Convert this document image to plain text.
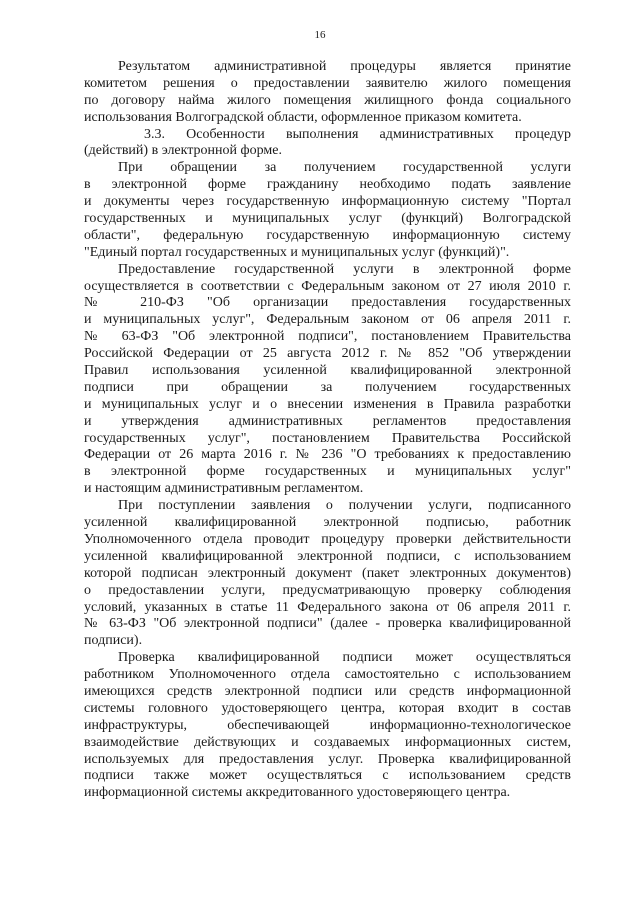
16
Результатом административной процедуры является принятие
комитетом решения о предоставлении заявителю жилого помещения
по договору найма жилого помещения жилищного фонда социального
использования Волгоградской области, оформленное приказом комитета.
3.3. Особенности выполнения административных процедур
(действий) в электронной форме.
При обращении за получением государственной услуги
в электронной форме гражданину необходимо подать заявление
и документы через государственную информационную систему "Портал
государственных и муниципальных услуг (функций) Волгоградской
области", федеральную государственную информационную систему
"Единый портал государственных и муниципальных услуг (функций)".
Предоставление государственной услуги в электронной форме
осуществляется в соответствии с Федеральным законом от 27 июля 2010 г.
№ 210-ФЗ "Об организации предоставления государственных
и муниципальных услуг", Федеральным законом от 06 апреля 2011 г.
№ 63-ФЗ "Об электронной подписи", постановлением Правительства
Российской Федерации от 25 августа 2012 г. № 852 "Об утверждении
Правил использования усиленной квалифицированной электронной
подписи при обращении за получением государственных
и муниципальных услуг и о внесении изменения в Правила разработки
и утверждения административных регламентов предоставления
государственных услуг", постановлением Правительства Российской
Федерации от 26 марта 2016 г. № 236 "О требованиях к предоставлению
в электронной форме государственных и муниципальных услуг"
и настоящим административным регламентом.
При поступлении заявления о получении услуги, подписанного
усиленной квалифицированной электронной подписью, работник
Уполномоченного отдела проводит процедуру проверки действительности
усиленной квалифицированной электронной подписи, с использованием
которой подписан электронный документ (пакет электронных документов)
о предоставлении услуги, предусматривающую проверку соблюдения
условий, указанных в статье 11 Федерального закона от 06 апреля 2011 г.
№ 63-ФЗ "Об электронной подписи" (далее - проверка квалифицированной
подписи).
Проверка квалифицированной подписи может осуществляться
работником Уполномоченного отдела самостоятельно с использованием
имеющихся средств электронной подписи или средств информационной
системы головного удостоверяющего центра, которая входит в состав
инфраструктуры, обеспечивающей информационно-технологическое
взаимодействие действующих и создаваемых информационных систем,
используемых для предоставления услуг. Проверка квалифицированной
подписи также может осуществляться с использованием средств
информационной системы аккредитованного удостоверяющего центра.
